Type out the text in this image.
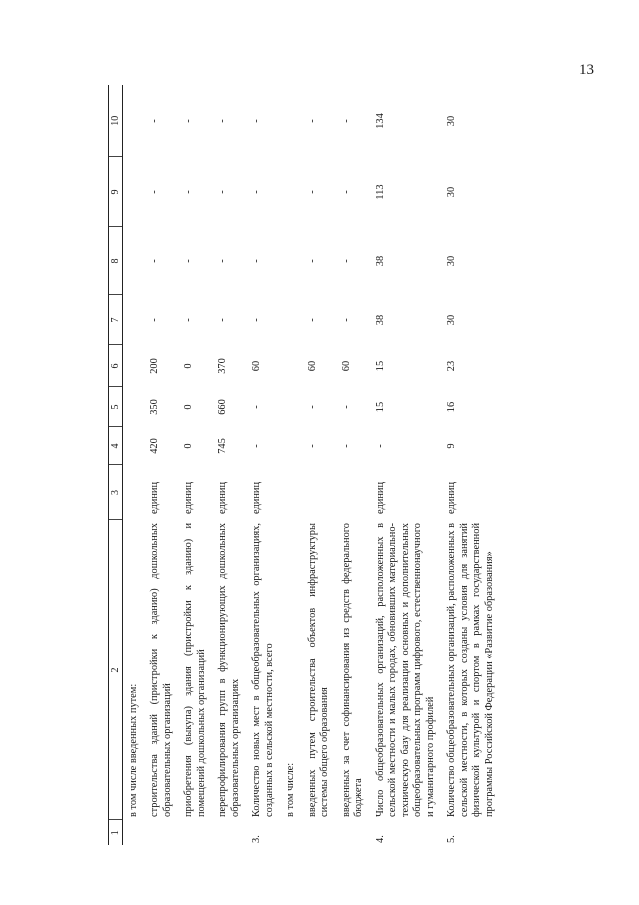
13
1	2	3	4	5	6	7	8	9	10
	в том числе введенных путем:								
	строительства зданий (пристройки к зданию) дошкольных образовательных организаций	единиц	420	350	200	-	-	-	-
	приобретения (выкупа) здания (пристройки к зданию) и помещений дошкольных организаций	единиц	0	0	0	-	-	-	-
	перепрофилирования групп в функционирующих дошкольных образовательных организациях	единиц	745	660	370	-	-	-	-
3.	Количество новых мест в общеобразовательных организациях, созданных в сельской местности, всего	единиц	-	-	60	-	-	-	-
	в том числе:								
	введенных путем строительства объектов инфраструктуры системы общего образования		-	-	60	-	-	-	-
	введенных за счет софинансирования из средств федерального бюджета		-	-	60	-	-	-	-
4.	Число общеобразовательных организаций, расположенных в сельской местности и малых городах, обновивших материально-техническую базу для реализации основных и дополнительных общеобразовательных программ цифрового, естественнонаучного и гуманитарного профилей	единиц	-	15	15	38	38	113	134
5.	Количество общеобразовательных организаций, расположенных в сельской местности, в которых созданы условия для занятий физической культурой и спортом в рамках государственной программы Российской Федерации «Развитие образования»	единиц	9	16	23	30	30	30	30
